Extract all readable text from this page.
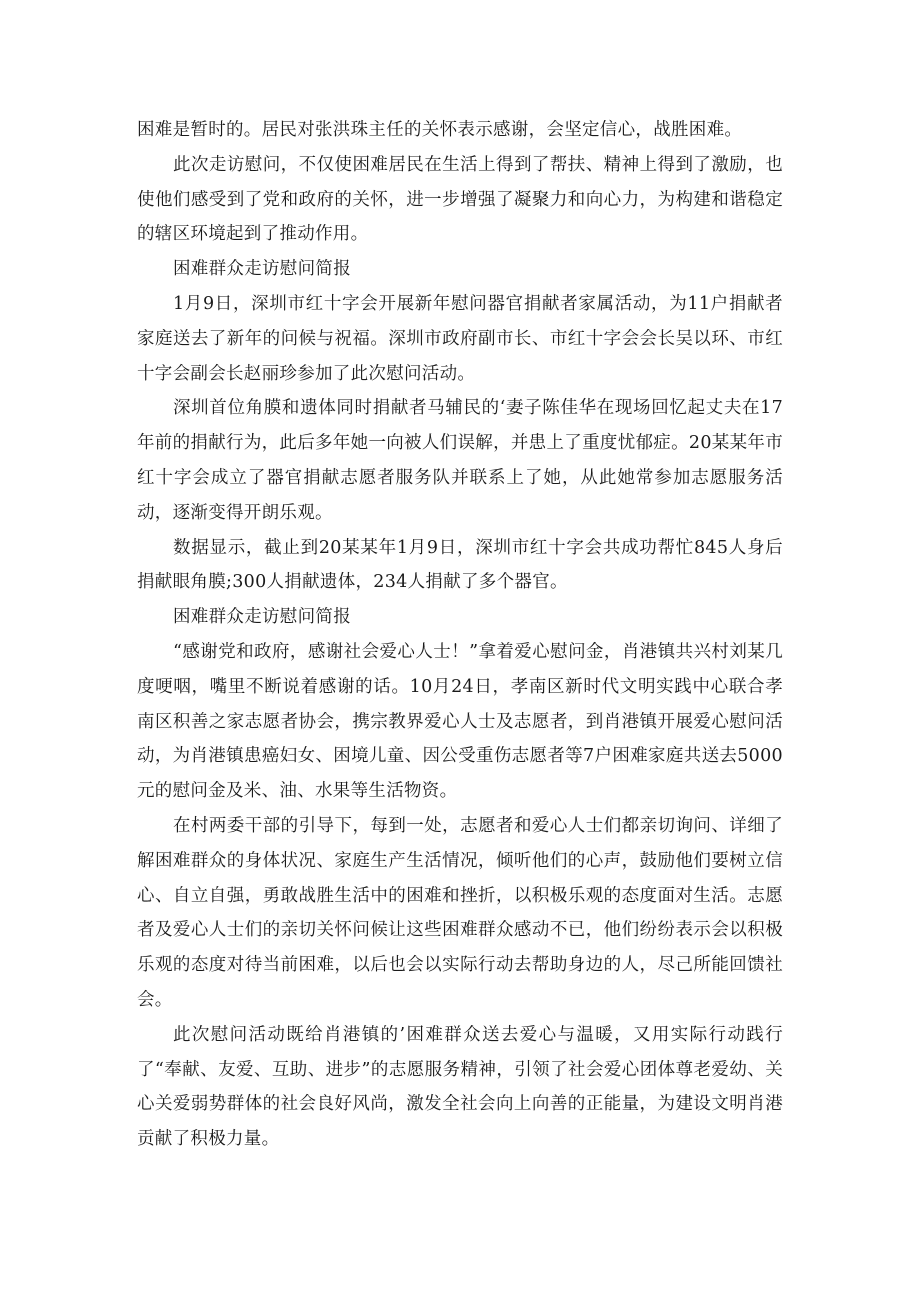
困难是暂时的。居民对张洪珠主任的关怀表示感谢，会坚定信心，战胜困难。

此次走访慰问，不仅使困难居民在生活上得到了帮扶、精神上得到了激励，也使他们感受到了党和政府的关怀，进一步增强了凝聚力和向心力，为构建和谐稳定的辖区环境起到了推动作用。

困难群众走访慰问简报

1月9日，深圳市红十字会开展新年慰问器官捐献者家属活动，为11户捐献者家庭送去了新年的问候与祝福。深圳市政府副市长、市红十字会会长吴以环、市红十字会副会长赵丽珍参加了此次慰问活动。

深圳首位角膜和遗体同时捐献者马辅民的‘妻子陈佳华在现场回忆起丈夫在17年前的捐献行为，此后多年她一向被人们误解，并患上了重度忧郁症。20某某年市红十字会成立了器官捐献志愿者服务队并联系上了她，从此她常参加志愿服务活动，逐渐变得开朗乐观。

数据显示，截止到20某某年1月9日，深圳市红十字会共成功帮忙845人身后捐献眼角膜;300人捐献遗体，234人捐献了多个器官。

困难群众走访慰问简报

“感谢党和政府，感谢社会爱心人士！”拿着爱心慰问金，肖港镇共兴村刘某几度哽咽，嘴里不断说着感谢的话。10月24日，孝南区新时代文明实践中心联合孝南区积善之家志愿者协会，携宗教界爱心人士及志愿者，到肖港镇开展爱心慰问活动，为肖港镇患癌妇女、困境儿童、因公受重伤志愿者等7户困难家庭共送去5000元的慰问金及米、油、水果等生活物资。

在村两委干部的引导下，每到一处，志愿者和爱心人士们都亲切询问、详细了解困难群众的身体状况、家庭生产生活情况，倾听他们的心声，鼓励他们要树立信心、自立自强，勇敢战胜生活中的困难和挫折，以积极乐观的态度面对生活。志愿者及爱心人士们的亲切关怀问候让这些困难群众感动不已，他们纷纷表示会以积极乐观的态度对待当前困难，以后也会以实际行动去帮助身边的人，尽己所能回馈社会。

此次慰问活动既给肖港镇的’困难群众送去爱心与温暖，又用实际行动践行了“奉献、友爱、互助、进步”的志愿服务精神，引领了社会爱心团体尊老爱幼、关心关爱弱势群体的社会良好风尚，激发全社会向上向善的正能量，为建设文明肖港贡献了积极力量。
